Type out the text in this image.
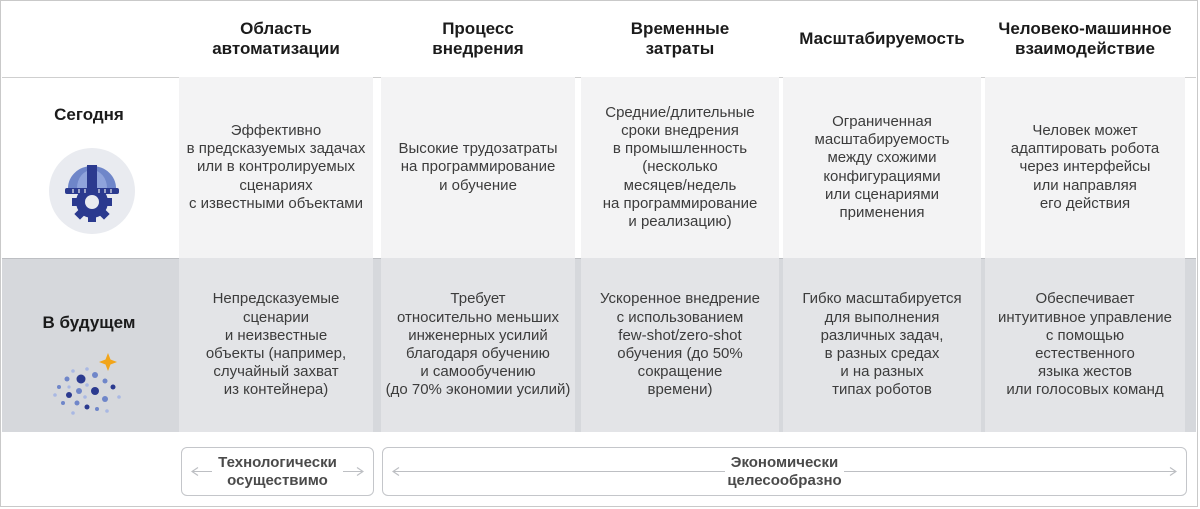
Область
автоматизации
Процесс
внедрения
Временные
затраты
Масштабируемость
Человеко-машинное
взаимодействие
Сегодня
В будущем
Эффективно
в предсказуемых задачах
или в контролируемых
сценариях
с известными объектами
Высокие трудозатраты
на программирование
и обучение
Средние/длительные
сроки внедрения
в промышленность
(несколько
месяцев/недель
на программирование
и реализацию)
Ограниченная
масштабируемость
между схожими
конфигурациями
или сценариями
применения
Человек может
адаптировать робота
через интерфейсы
или направляя
его действия
Непредсказуемые
сценарии
и неизвестные
объекты (например,
случайный захват
из контейнера)
Требует
относительно меньших
инженерных усилий
благодаря обучению
и самообучению
(до 70% экономии усилий)
Ускоренное внедрение
с использованием
few-shot/zero-shot
обучения (до 50%
сокращение
времени)
Гибко масштабируется
для выполнения
различных задач,
в разных средах
и на разных
типах роботов
Обеспечивает
интуитивное управление
с помощью
естественного
языка жестов
или голосовых команд
Технологически
осуществимо
Экономически
целесообразно
